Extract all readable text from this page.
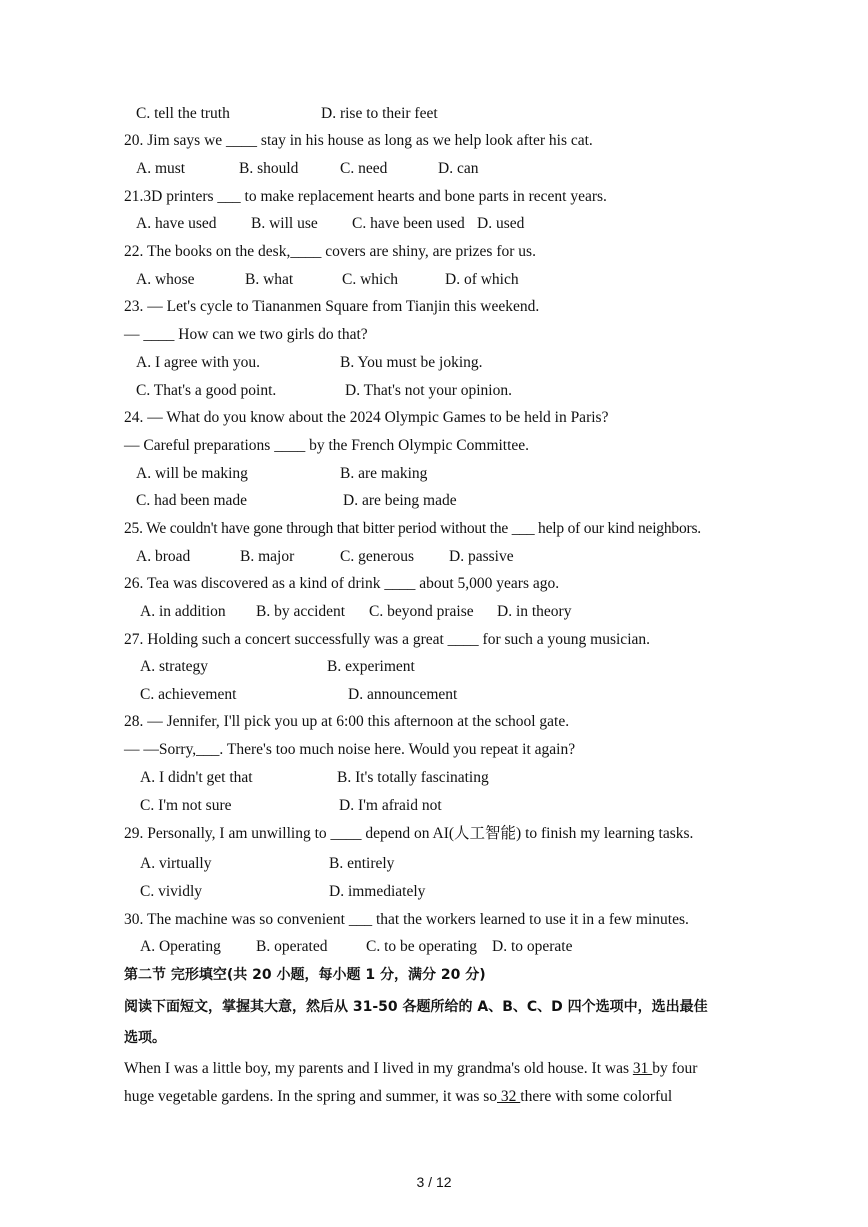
C. tell the truth	D. rise to their feet
20. Jim says we ____ stay in his house as long as we help look after his cat.
A. must	B. should	C. need	D. can
21.3D printers ___ to make replacement hearts and bone parts in recent years.
A. have used B. will use C. have been used D. used
22. The books on the desk,____ covers are shiny, are prizes for us.
A. whose	B. what	C. which	D. of which
23. — Let's cycle to Tiananmen Square from Tianjin this weekend.
— ____ How can we two girls do that?
A. I agree with you.	B. You must be joking.
C. That's a good point.	D. That's not your opinion.
24. — What do you know about the 2024 Olympic Games to be held in Paris?
— Careful preparations ____ by the French Olympic Committee.
A. will be making	B. are making
C. had been made	D. are being made
25. We couldn't have gone through that bitter period without the ___ help of our kind neighbors.
A. broad	B. major	C. generous D. passive
26. Tea was discovered as a kind of drink ____ about 5,000 years ago.
A. in addition B. by accident C. beyond praise D. in theory
27. Holding such a concert successfully was a great ____ for such a young musician.
A. strategy	B. experiment
C. achievement	D. announcement
28. — Jennifer, I'll pick you up at 6:00 this afternoon at the school gate.
— —Sorry,___. There's too much noise here. Would you repeat it again?
A. I didn't get that	B. It's totally fascinating
C. I'm not sure	D. I'm afraid not
29. Personally, I am unwilling to ____ depend on AI(人工智能) to finish my learning tasks.
A. virtually	B. entirely
C. vividly	D. immediately
30. The machine was so convenient ___ that the workers learned to use it in a few minutes.
A. Operating B. operated C. to be operating D. to operate
第二节 完形填空(共 20 小题，每小题 1 分，满分 20 分)
阅读下面短文，掌握其大意，然后从 31-50 各题所给的 A、B、C、D 四个选项中，选出最佳
选项。
When I was a little boy, my parents and I lived in my grandma's old house. It was 31 by four
huge vegetable gardens. In the spring and summer, it was so 32 there with some colorful
3 / 12
